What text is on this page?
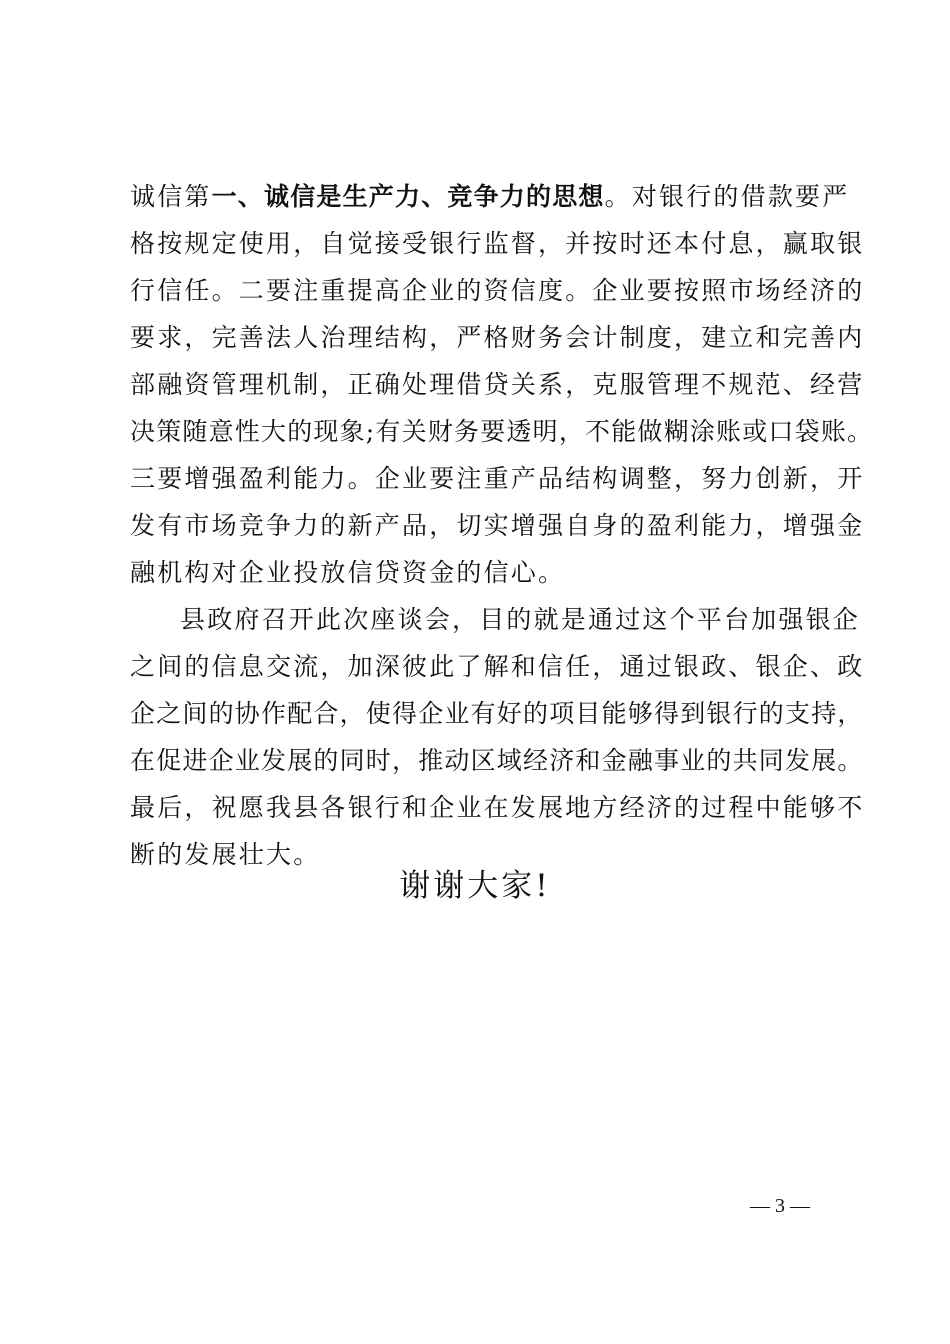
诚信第一、诚信是生产力、竞争力的思想。对银行的借款要严
格按规定使用，自觉接受银行监督，并按时还本付息，赢取银
行信任。二要注重提高企业的资信度。企业要按照市场经济的
要求，完善法人治理结构，严格财务会计制度，建立和完善内
部融资管理机制，正确处理借贷关系，克服管理不规范、经营
决策随意性大的现象;有关财务要透明，不能做糊涂账或口袋账。
三要增强盈利能力。企业要注重产品结构调整，努力创新，开
发有市场竞争力的新产品，切实增强自身的盈利能力，增强金
融机构对企业投放信贷资金的信心。
县政府召开此次座谈会，目的就是通过这个平台加强银企
之间的信息交流，加深彼此了解和信任，通过银政、银企、政
企之间的协作配合，使得企业有好的项目能够得到银行的支持，
在促进企业发展的同时，推动区域经济和金融事业的共同发展。
最后，祝愿我县各银行和企业在发展地方经济的过程中能够不
断的发展壮大。
谢谢大家!
— 3 —
